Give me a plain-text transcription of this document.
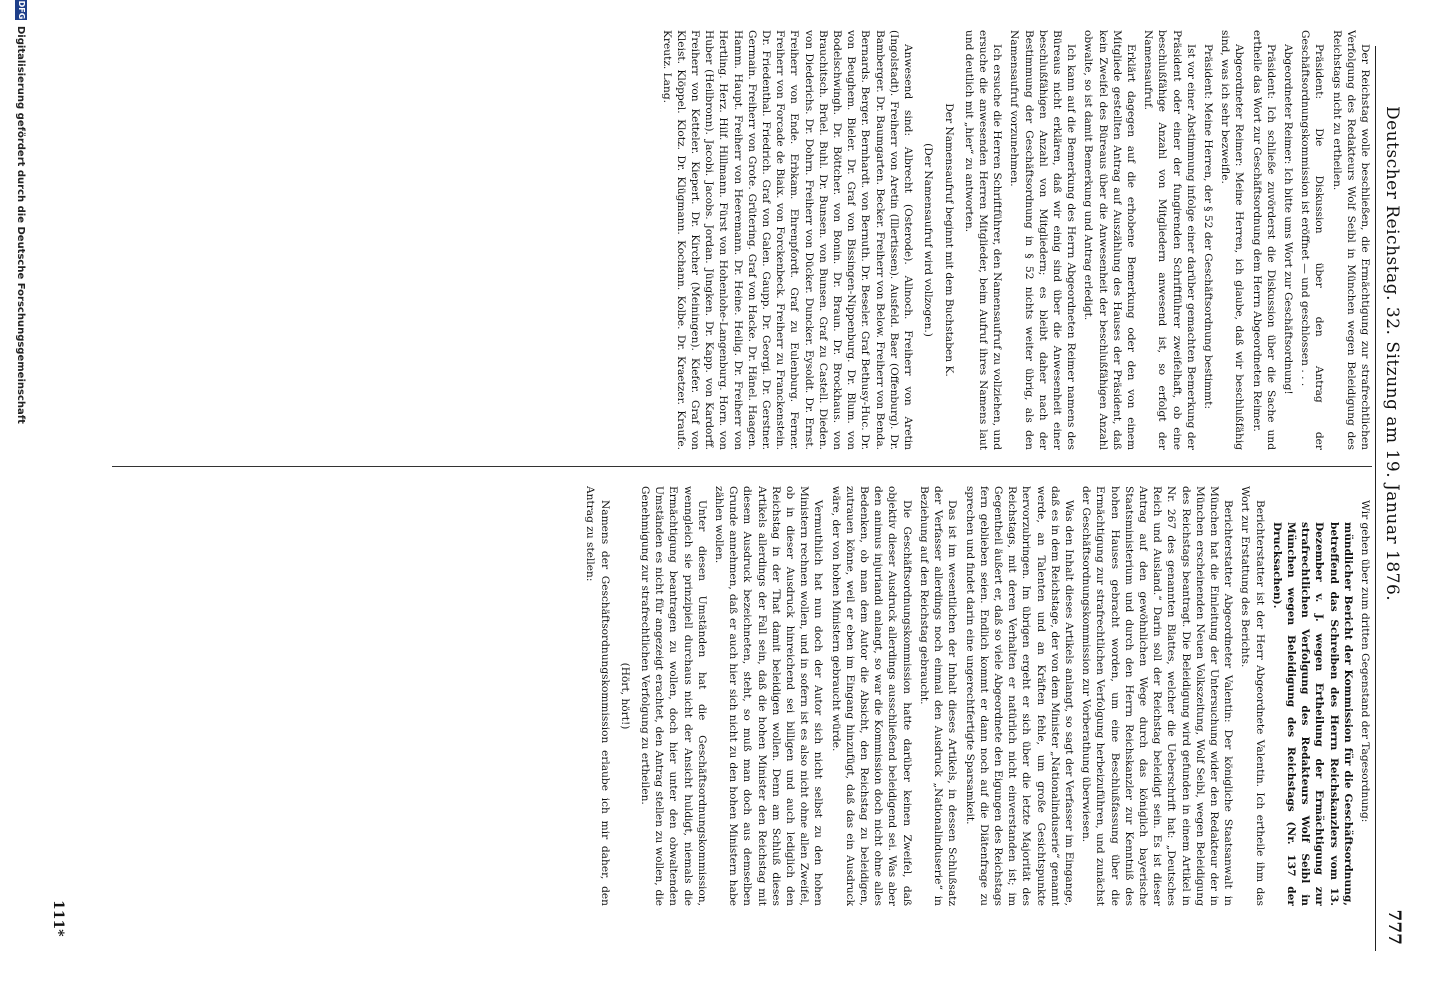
Deutscher Reichstag. 32. Sitzung am 19. Januar 1876.
777

Der Reichstag wolle beschließen, die Ermächtigung zur strafrechtlichen Verfolgung des Redakteurs Wolf Seibl in München wegen Beleidigung des Reichstags nicht zu ertheilen.

Präsident: Die Diskussion über den Antrag der Geschäftsordnungskommission ist eröffnet — und geschlossen . . .

Abgeordneter Reimer: Ich bitte ums Wort zur Geschäftsordnung!

Präsident: Ich schließe zuvörderst die Diskussion über die Sache und ertheile das Wort zur Geschäftsordnung dem Herrn Abgeordneten Reimer.

Abgeordneter Reimer: Meine Herren, ich glaube, daß wir beschlußfähig sind, was ich sehr bezweifle.

Präsident: Meine Herren, der § 52 der Geschäftsordnung bestimmt:

Ist vor einer Abstimmung infolge einer darüber gemachten Bemerkung der Präsident oder einer der fungirenden Schriftführer zweifelhaft, ob eine beschlußfähige Anzahl von Mitgliedern anwesend ist, so erfolgt der Namensaufruf.

Erklärt dagegen auf die erhobene Bemerkung oder den von einem Mitgliede gestellten Antrag auf Auszählung des Hauses der Präsident, daß kein Zweifel des Büreaus über die Anwesenheit der beschlußfähigen Anzahl obwalte, so ist damit Bemerkung und Antrag erledigt.

Ich kann auf die Bemerkung des Herrn Abgeordneten Reimer namens des Büreaus nicht erklären, daß wir einig sind über die Anwesenheit einer beschlußfähigen Anzahl von Mitgliedern; es bleibt daher nach der Bestimmung der Geschäftsordnung in § 52 nichts weiter übrig, als den Namensaufruf vorzunehmen.

Ich ersuche die Herren Schriftführer, den Namensaufruf zu vollziehen, und ersuche die anwesenden Herren Mitglieder, beim Aufruf ihres Namens laut und deutlich mit „hier“ zu antworten.

Der Namensaufruf beginnt mit dem Buchstaben K.

(Der Namensaufruf wird vollzogen.)

Anwesend sind: Albrecht (Osterode). Allnoch. Freiherr von Aretin (Ingolstadt). Freiherr von Aretin (Illertissen). Ausfeld. Baer (Offenburg). Dr. Bamberger. Dr. Baumgarten. Becker. Freiherr von Below. Freiherr von Benda. Bernards. Berger. Bernhardt. von Bernuth. Dr. Beseler. Graf Bethusy-Huc. Dr. von Beughem. Bieler. Dr. Graf von Bissingen-Nippenburg. Dr. Blum. von Bodelschwingh. Dr. Böttcher. von Bonin. Dr. Braun. Dr. Brockhaus. von Brauchitsch. Brüel. Buhl. Dr. Bunsen. von Bunsen. Graf zu Castell. Dieden. von Diederichs. Dr. Dohrn. Freiherr von Dücker. Duncker. Eysoldt. Dr. Ernst. Freiherr von Ende. Erbkam. Ehrenpfordt. Graf zu Eulenburg. Ferner. Freiherr von Forcade de Biaix. von Forckenbeck. Freiherr zu Franckenstein. Dr. Friedenthal. Friedrich. Graf von Galen. Gaupp. Dr. Georgi. Dr. Gerstner. Germain. Freiherr von Grote. Grütering. Graf von Hacke. Dr. Hänel. Haagen. Hamm. Haupt. Freiherr von Heeremann. Dr. Heine. Heilig. Dr. Freiherr von Hertling. Herz. Hilf. Hillmann. Fürst von Hohenlohe-Langenburg. Horn. von Huber (Heilbronn). Jacobi. Jacobs. Jordan. Jüngken. Dr. Kapp. von Kardorff. Freiherr von Ketteler. Kiepert. Dr. Kircher (Meiningen). Kiefer. Graf von Kleist. Klöppel. Klotz. Dr. Klügmann. Kochann. Kolbe. Dr. Kraetzer. Kraufe. Kreutz. Lang.

Wir gehen über zum dritten Gegenstand der Tagesordnung:

mündlicher Bericht der Kommission für die Geschäftsordnung, betreffend das Schreiben des Herrn Reichskanzlers vom 13. Dezember v. J. wegen Ertheilung der Ermächtigung zur strafrechtlichen Verfolgung des Redakteurs Wolf Seibl in München wegen Beleidigung des Reichstags (Nr. 137 der Drucksachen).

Berichterstatter ist der Herr Abgeordnete Valentin. Ich ertheile ihm das Wort zur Erstattung des Berichts.

Berichterstatter Abgeordneter Valentin: Der königliche Staatsanwalt in München hat die Einleitung der Untersuchung wider den Redakteur der in München erscheinenden Neuen Volkszeitung, Wolf Seibl, wegen Beleidigung des Reichstags beantragt. Die Beleidigung wird gefunden in einem Artikel in Nr. 267 des genannten Blattes, welcher die Ueberschrift hat: „Deutsches Reich und Ausland.“ Darin soll der Reichstag beleidigt sein. Es ist dieser Antrag auf den gewöhnlichen Wege durch das königlich bayerische Staatsministerium und durch den Herrn Reichskanzler zur Kenntniß des hohen Hauses gebracht worden, um eine Beschlußfassung über die Ermächtigung zur strafrechtlichen Verfolgung herbeizuführen, und zunächst der Geschäftsordnungskommission zur Vorberathung überwiesen.

Was den Inhalt dieses Artikels anlangt, so sagt der Verfasser im Eingange, daß es in dem Reichstage, der von dem Minister „Nationalinduserie“ genannt werde, an Talenten und an Kräften fehle, um große Gesichtspunkte hervorzubringen. Im übrigen ergeht er sich über die letzte Majorität des Reichstags, mit deren Verhalten er natürlich nicht einverstanden ist; im Gegentheil äußert er, daß so viele Abgeordnete den Eigungen des Reichstags fern geblieben seien. Endlich kommt er dann noch auf die Diätenfrage zu sprechen und findet darin eine ungerechtfertigte Sparsamkeit.

Das ist im wesentlichen der Inhalt dieses Artikels, in dessen Schlußsatz der Verfasser allerdings noch einmal den Ausdruck „Nationalinduserie“ in Beziehung auf den Reichstag gebraucht.

Die Geschäftsordnungskommission hatte darüber keinen Zweifel, daß objektiv dieser Ausdruck allerdings ausschließend beleidigend sei. Was aber den animus injuriandi anlangt, so war die Kommission doch nicht ohne alles Bedenken, ob man dem Autor die Absicht, den Reichstag zu beleidigen, zutrauen könne, weil er eben im Eingang hinzufügt, daß das ein Ausdruck wäre, der von hohen Ministern gebraucht würde.

Vermuthlich hat nun doch der Autor sich nicht selbst zu den hohen Ministern rechnen wollen, und in sofern ist es also nicht ohne allen Zweifel, ob in dieser Ausdruck hinreichend sei billigen und auch lediglich den Reichstag in der That damit beleidigen wollen. Denn am Schluß dieses Artikels allerdings der Fall sein, daß die hohen Minister den Reichstag mit diesem Ausdruck bezeichneten, steht, so muß man doch aus demselben Grunde annehmen, daß er auch hier sich nicht zu den hohen Ministern habe zählen wollen.

Unter diesen Umständen hat die Geschäftsordnungskommission, wenngleich sie prinzipiell durchaus nicht der Ansicht huldigt, niemals die Ermächtigung beantragen zu wollen, doch hier unter den obwaltenden Umständen es nicht für angezeigt erachtet, den Antrag stellen zu wollen, die Genehmigung zur strafrechtlichen Verfolgung zu ertheilen.

(Hört, hört!)

Namens der Geschäftsordnungskommission erlaube ich mir daher, den Antrag zu stellen:

111*
DFG
Digitalisierung gefördert durch die Deutsche Forschungsgemeinschaft
